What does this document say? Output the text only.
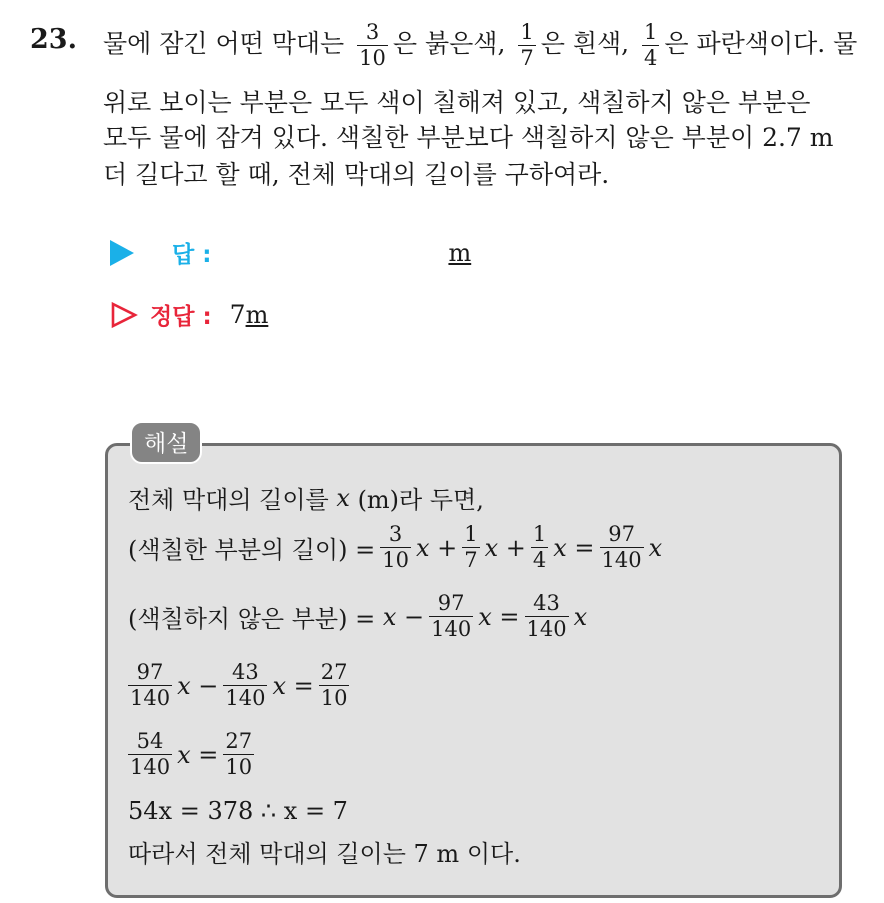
23. 물에 잠긴 어떤 막대는 $\frac{3}{10}$ 은 붉은색, $\frac{1}{7}$ 은 흰색, $\frac{1}{4}$ 은 파란색이다. 물
위로 보이는 부분은 모두 색이 칠해져 있고, 색칠하지 않은 부분은
모두 물에 잠겨 있다. 색칠한 부분보다 색칠하지 않은 부분이 2.7 m
더 길다고 할 때, 전체 막대의 길이를 구하여라.
답 :	m
정답 : 7 m
해설
전체 막대의 길이를
x
(m)라 두면,
(색칠한 부분의 길이) = $\frac{3}{10}$ $x + \frac{1}{7}$ $x + \frac{1}{4}$ $x = \frac{97}{140}$ x
(색칠하지 않은 부분) =
$x - \frac{97}{140}$ $x = \frac{43}{140}$ x
$\frac{97}{140}$ $x - \frac{43}{140}$ $x = \frac{27}{10}$
$\frac{54}{140}$ $x = \frac{27}{10}$
54x = 378 ∴ x = 7
따라서 전체 막대의 길이는 7 m 이다.
